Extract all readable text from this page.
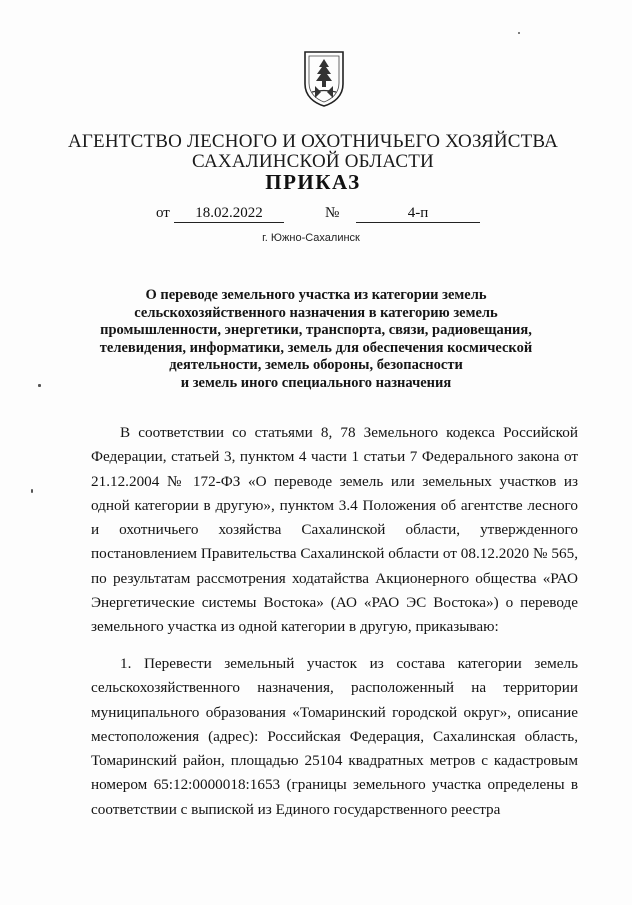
АГЕНТСТВО ЛЕСНОГО И ОХОТНИЧЬЕГО ХОЗЯЙСТВА
САХАЛИНСКОЙ ОБЛАСТИ
ПРИКАЗ
от	18.02.2022	№	4-п
г. Южно-Сахалинск
О переводе земельного участка из категории земель
сельскохозяйственного назначения в категорию земель
промышленности, энергетики, транспорта, связи, радиовещания,
телевидения, информатики, земель для обеспечения космической
деятельности, земель обороны, безопасности
и земель иного специального назначения

В соответствии со статьями 8, 78 Земельного кодекса Российской Федерации, статьей 3, пунктом 4 части 1 статьи 7 Федерального закона от 21.12.2004 № 172-ФЗ «О переводе земель или земельных участков из одной категории в другую», пунктом 3.4 Положения об агентстве лесного и охотничьего хозяйства Сахалинской области, утвержденного постановлением Правительства Сахалинской области от 08.12.2020 № 565, по результатам рассмотрения ходатайства Акционерного общества «РАО Энергетические системы Востока» (АО «РАО ЭС Востока») о переводе земельного участка из одной категории в другую, приказываю:

1. Перевести земельный участок из состава категории земель сельскохозяйственного назначения, расположенный на территории муниципального образования «Томаринский городской округ», описание местоположения (адрес): Российская Федерация, Сахалинская область, Томаринский район, площадью 25104 квадратных метров с кадастровым номером 65:12:0000018:1653 (границы земельного участка определены в соответствии с выпиской из Единого государственного реестра
